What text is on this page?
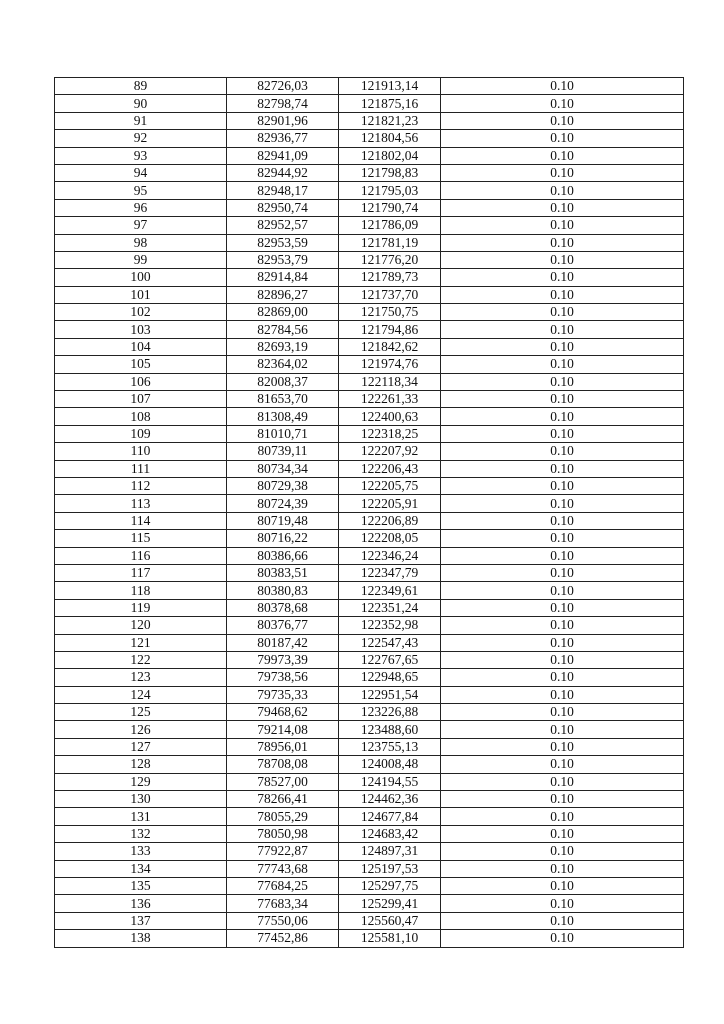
89	82726,03	121913,14	0.10
90	82798,74	121875,16	0.10
91	82901,96	121821,23	0.10
92	82936,77	121804,56	0.10
93	82941,09	121802,04	0.10
94	82944,92	121798,83	0.10
95	82948,17	121795,03	0.10
96	82950,74	121790,74	0.10
97	82952,57	121786,09	0.10
98	82953,59	121781,19	0.10
99	82953,79	121776,20	0.10
100	82914,84	121789,73	0.10
101	82896,27	121737,70	0.10
102	82869,00	121750,75	0.10
103	82784,56	121794,86	0.10
104	82693,19	121842,62	0.10
105	82364,02	121974,76	0.10
106	82008,37	122118,34	0.10
107	81653,70	122261,33	0.10
108	81308,49	122400,63	0.10
109	81010,71	122318,25	0.10
110	80739,11	122207,92	0.10
111	80734,34	122206,43	0.10
112	80729,38	122205,75	0.10
113	80724,39	122205,91	0.10
114	80719,48	122206,89	0.10
115	80716,22	122208,05	0.10
116	80386,66	122346,24	0.10
117	80383,51	122347,79	0.10
118	80380,83	122349,61	0.10
119	80378,68	122351,24	0.10
120	80376,77	122352,98	0.10
121	80187,42	122547,43	0.10
122	79973,39	122767,65	0.10
123	79738,56	122948,65	0.10
124	79735,33	122951,54	0.10
125	79468,62	123226,88	0.10
126	79214,08	123488,60	0.10
127	78956,01	123755,13	0.10
128	78708,08	124008,48	0.10
129	78527,00	124194,55	0.10
130	78266,41	124462,36	0.10
131	78055,29	124677,84	0.10
132	78050,98	124683,42	0.10
133	77922,87	124897,31	0.10
134	77743,68	125197,53	0.10
135	77684,25	125297,75	0.10
136	77683,34	125299,41	0.10
137	77550,06	125560,47	0.10
138	77452,86	125581,10	0.10
